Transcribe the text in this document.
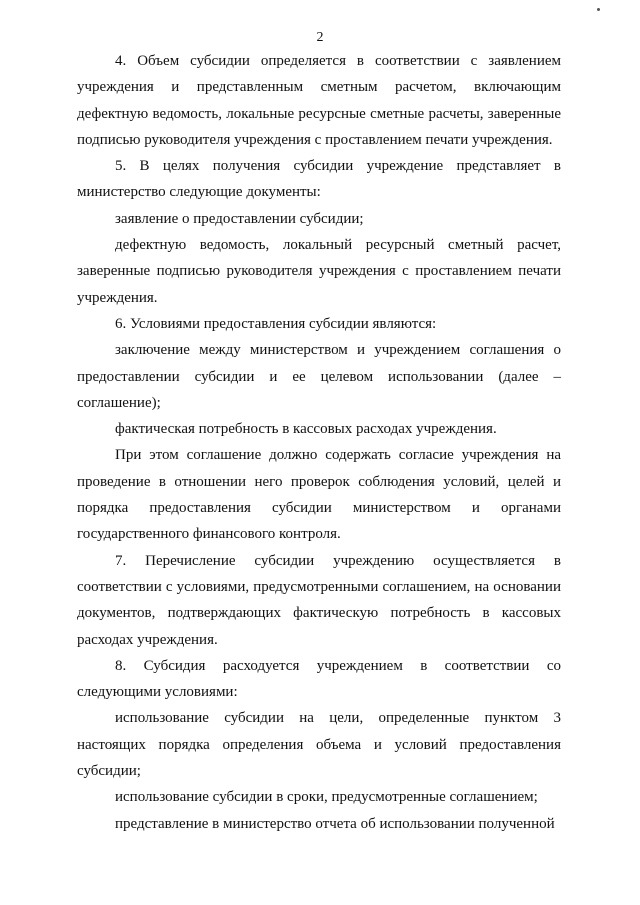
2

4. Объем субсидии определяется в соответствии с заявлением учреждения и представленным сметным расчетом, включающим дефектную ведомость, локальные ресурсные сметные расчеты, заверенные подписью руководителя учреждения с проставлением печати учреждения.

5. В целях получения субсидии учреждение представляет в министерство следующие документы:

заявление о предоставлении субсидии;

дефектную ведомость, локальный ресурсный сметный расчет, заверенные подписью руководителя учреждения с проставлением печати учреждения.

6. Условиями предоставления субсидии являются:

заключение между министерством и учреждением соглашения о предоставлении субсидии и ее целевом использовании (далее – соглашение);

фактическая потребность в кассовых расходах учреждения.

При этом соглашение должно содержать согласие учреждения на проведение в отношении него проверок соблюдения условий, целей и порядка предоставления субсидии министерством и органами государственного финансового контроля.

7. Перечисление субсидии учреждению осуществляется в соответствии с условиями, предусмотренными соглашением, на основании документов, подтверждающих фактическую потребность в кассовых расходах учреждения.

8. Субсидия расходуется учреждением в соответствии со следующими условиями:

использование субсидии на цели, определенные пунктом 3 настоящих порядка определения объема и условий предоставления субсидии;

использование субсидии в сроки, предусмотренные соглашением;

представление в министерство отчета об использовании полученной
